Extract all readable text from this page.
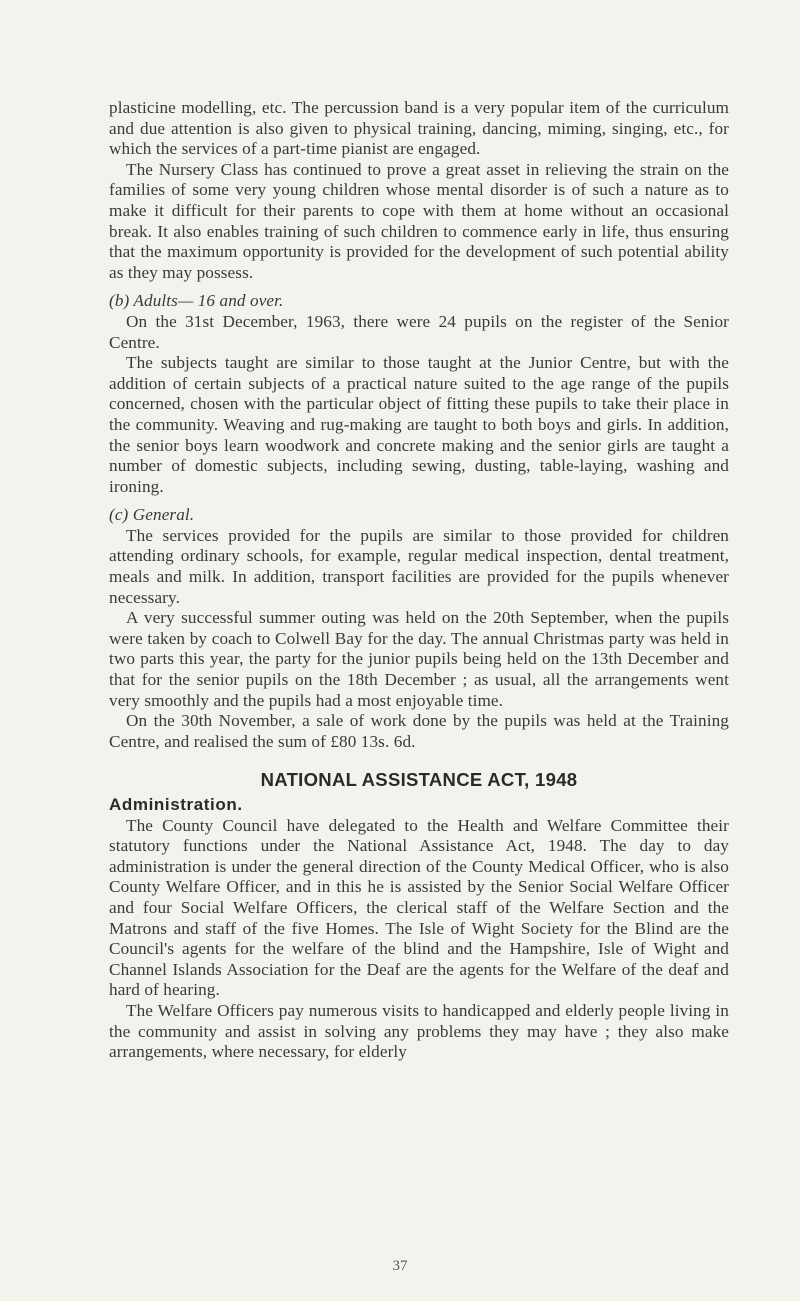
plasticine modelling, etc. The percussion band is a very popular item of the curriculum and due attention is also given to physical training, dancing, miming, singing, etc., for which the services of a part-time pianist are engaged.

The Nursery Class has continued to prove a great asset in relieving the strain on the families of some very young children whose mental disorder is of such a nature as to make it difficult for their parents to cope with them at home without an occasional break. It also enables training of such children to commence early in life, thus ensuring that the maximum opportunity is provided for the development of such potential ability as they may possess.

(b) Adults— 16 and over.

On the 31st December, 1963, there were 24 pupils on the register of the Senior Centre.

The subjects taught are similar to those taught at the Junior Centre, but with the addition of certain subjects of a practical nature suited to the age range of the pupils concerned, chosen with the particular object of fitting these pupils to take their place in the community. Weaving and rug-making are taught to both boys and girls. In addition, the senior boys learn woodwork and concrete making and the senior girls are taught a number of domestic subjects, including sewing, dusting, table-laying, washing and ironing.

(c) General.

The services provided for the pupils are similar to those provided for children attending ordinary schools, for example, regular medical inspection, dental treatment, meals and milk. In addition, transport facilities are provided for the pupils whenever necessary.

A very successful summer outing was held on the 20th September, when the pupils were taken by coach to Colwell Bay for the day. The annual Christmas party was held in two parts this year, the party for the junior pupils being held on the 13th December and that for the senior pupils on the 18th December ; as usual, all the arrangements went very smoothly and the pupils had a most enjoyable time.

On the 30th November, a sale of work done by the pupils was held at the Training Centre, and realised the sum of £80 13s. 6d.

NATIONAL ASSISTANCE ACT, 1948

Administration.

The County Council have delegated to the Health and Welfare Committee their statutory functions under the National Assistance Act, 1948. The day to day administration is under the general direction of the County Medical Officer, who is also County Welfare Officer, and in this he is assisted by the Senior Social Welfare Officer and four Social Welfare Officers, the clerical staff of the Welfare Section and the Matrons and staff of the five Homes. The Isle of Wight Society for the Blind are the Council's agents for the welfare of the blind and the Hampshire, Isle of Wight and Channel Islands Association for the Deaf are the agents for the Welfare of the deaf and hard of hearing.

The Welfare Officers pay numerous visits to handicapped and elderly people living in the community and assist in solving any problems they may have ; they also make arrangements, where necessary, for elderly

37
